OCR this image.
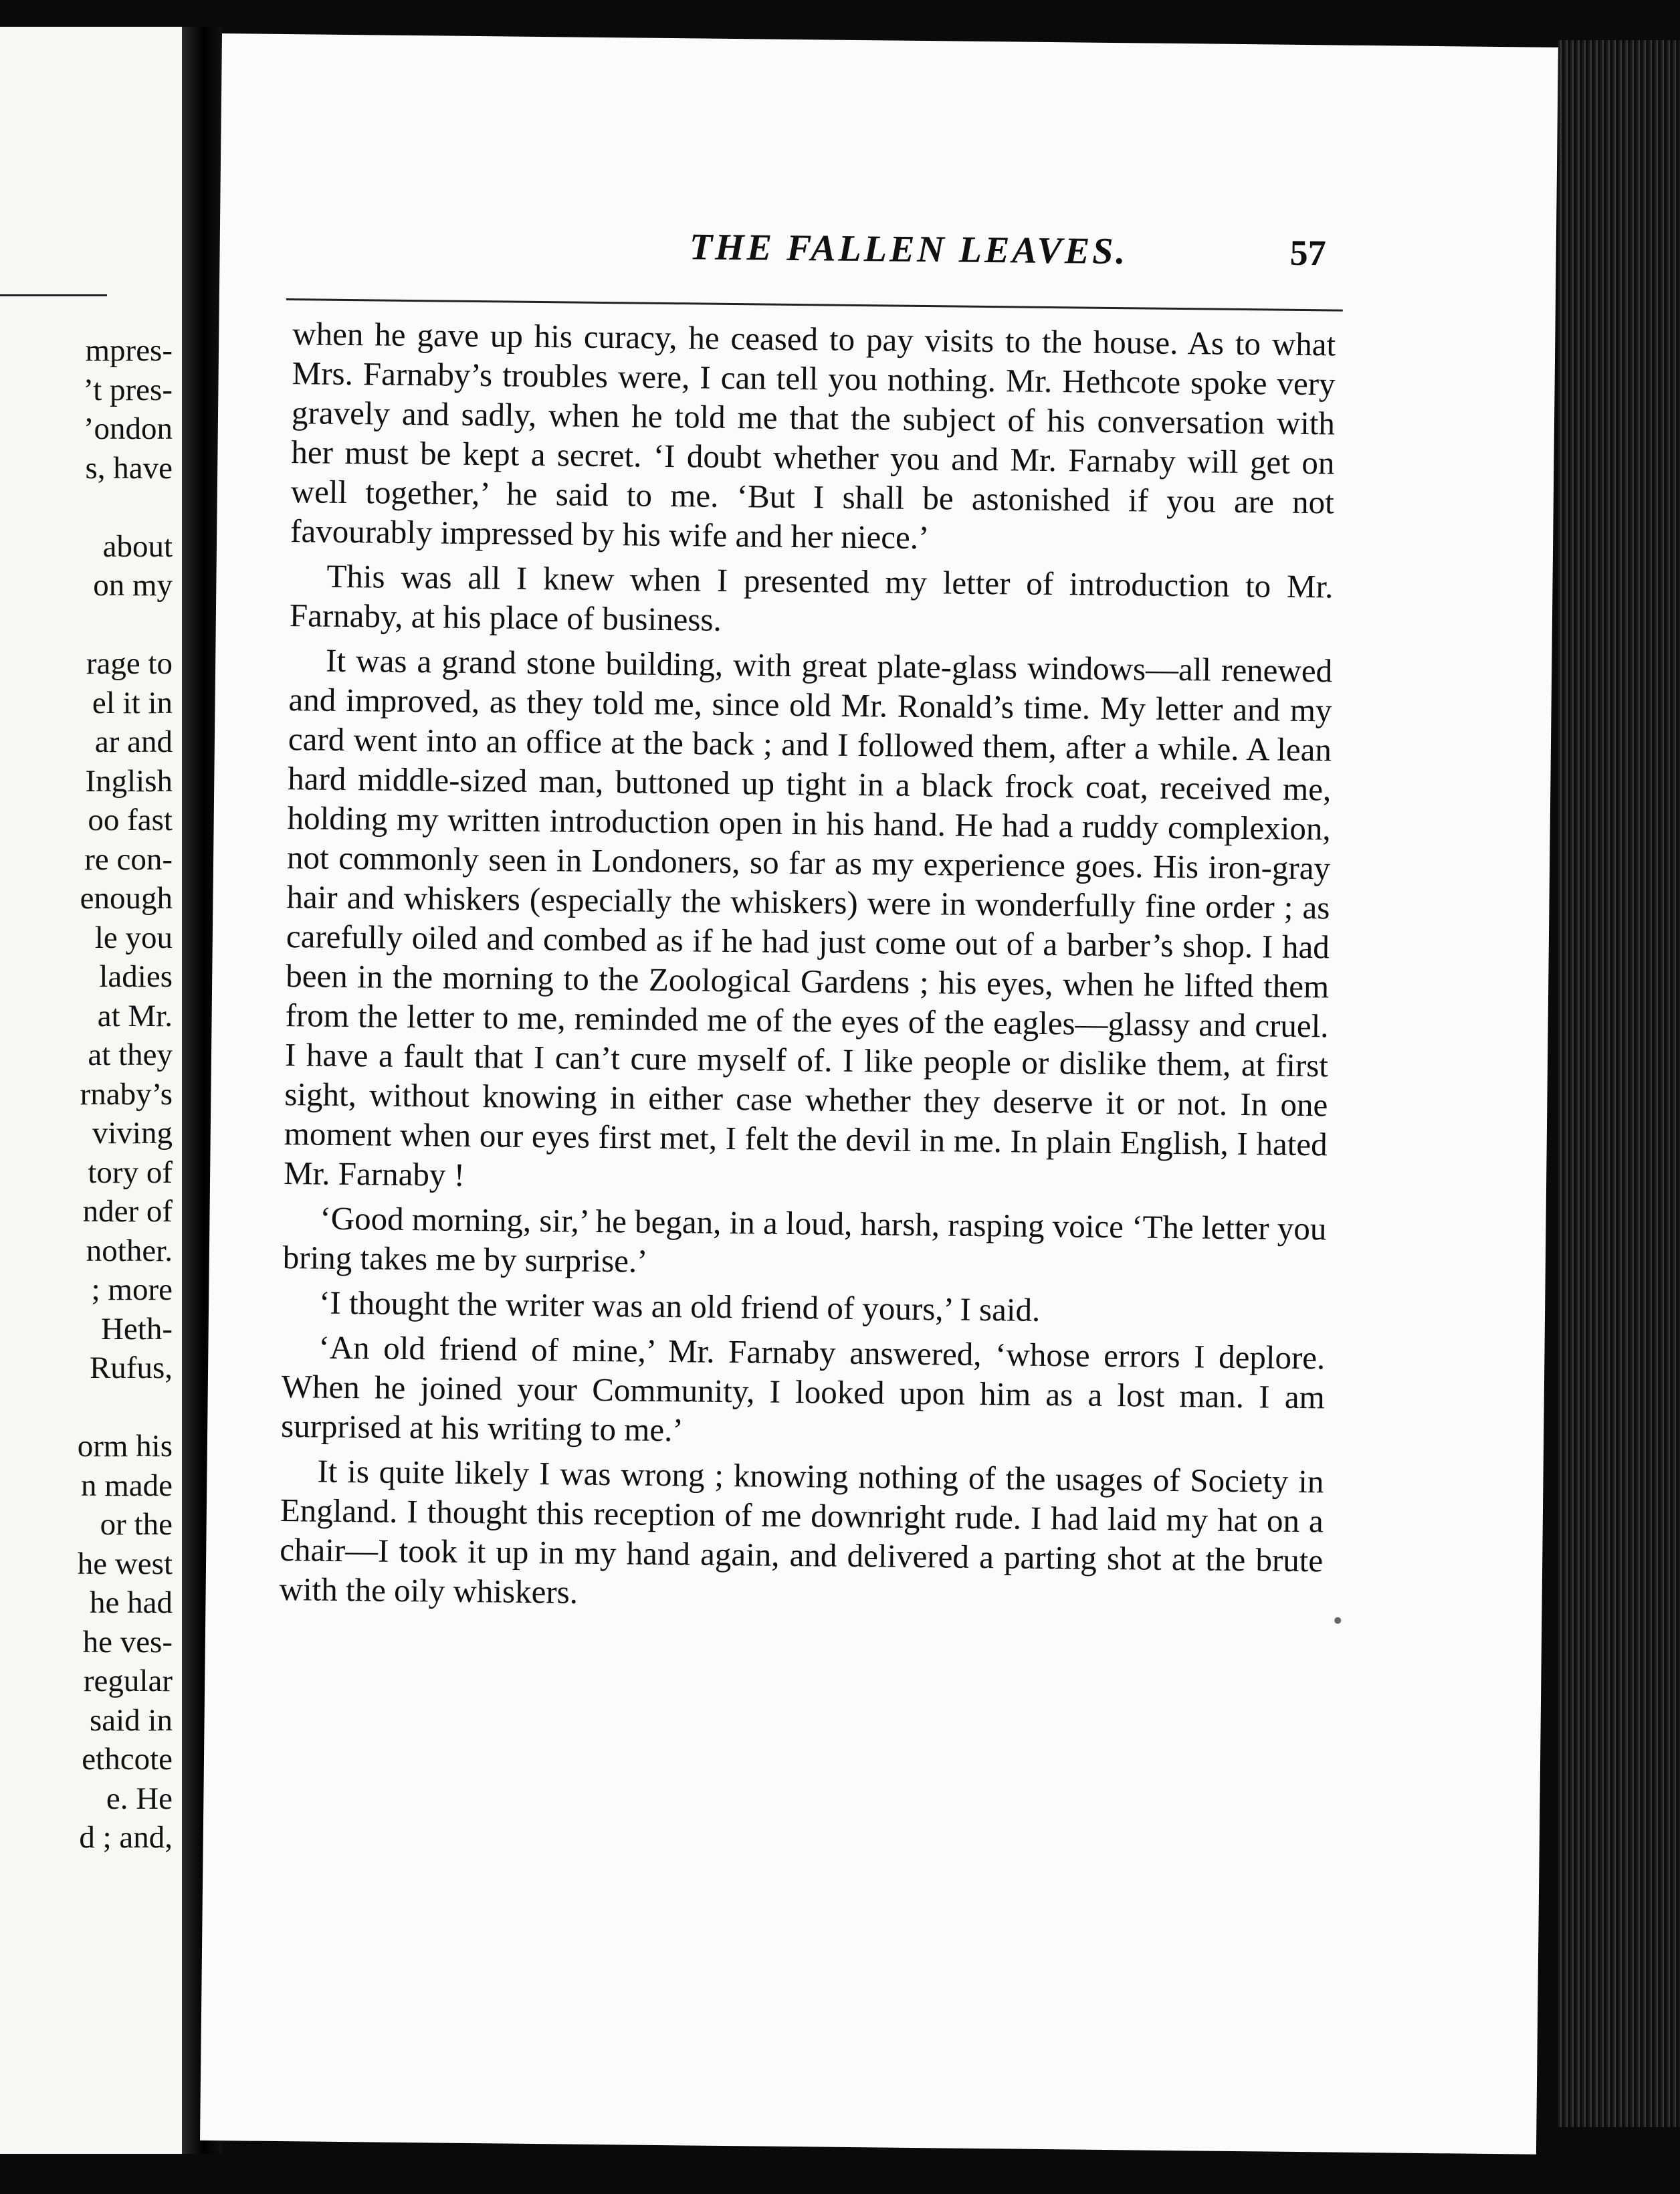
mpres-
’t pres-
’ondon
s, have
about
on my
rage to
el it in
ar and
Inglish
oo fast
re con-
enough
le you
ladies
at Mr.
at they
rnaby’s
viving
tory of
nder of
nother.
; more
Heth-
Rufus,
orm his
n made
or the
he west
he had
he ves-
regular
said in
ethcote
e. He
d ; and,
THE FALLEN LEAVES.	57

when he gave up his curacy, he ceased to pay visits to the house. As to what Mrs. Farnaby’s troubles were, I can tell you nothing. Mr. Hethcote spoke very gravely and sadly, when he told me that the subject of his conversation with her must be kept a secret. ‘I doubt whether you and Mr. Farnaby will get on well together,’ he said to me. ‘But I shall be astonished if you are not favourably impressed by his wife and her niece.’

This was all I knew when I presented my letter of introduction to Mr. Farnaby, at his place of business.

It was a grand stone building, with great plate-glass windows—all renewed and improved, as they told me, since old Mr. Ronald’s time. My letter and my card went into an office at the back ; and I followed them, after a while. A lean hard middle-sized man, buttoned up tight in a black frock coat, received me, holding my written introduction open in his hand. He had a ruddy complexion, not commonly seen in Londoners, so far as my experience goes. His iron-gray hair and whiskers (especially the whiskers) were in wonderfully fine order ; as carefully oiled and combed as if he had just come out of a barber’s shop. I had been in the morning to the Zoological Gardens ; his eyes, when he lifted them from the letter to me, reminded me of the eyes of the eagles—glassy and cruel. I have a fault that I can’t cure myself of. I like people or dislike them, at first sight, without knowing in either case whether they deserve it or not. In one moment when our eyes first met, I felt the devil in me. In plain English, I hated Mr. Farnaby !

‘Good morning, sir,’ he began, in a loud, harsh, rasping voice ‘The letter you bring takes me by surprise.’

‘I thought the writer was an old friend of yours,’ I said.

‘An old friend of mine,’ Mr. Farnaby answered, ‘whose errors I deplore. When he joined your Community, I looked upon him as a lost man. I am surprised at his writing to me.’

It is quite likely I was wrong ; knowing nothing of the usages of Society in England. I thought this reception of me downright rude. I had laid my hat on a chair—I took it up in my hand again, and delivered a parting shot at the brute with the oily whiskers.
